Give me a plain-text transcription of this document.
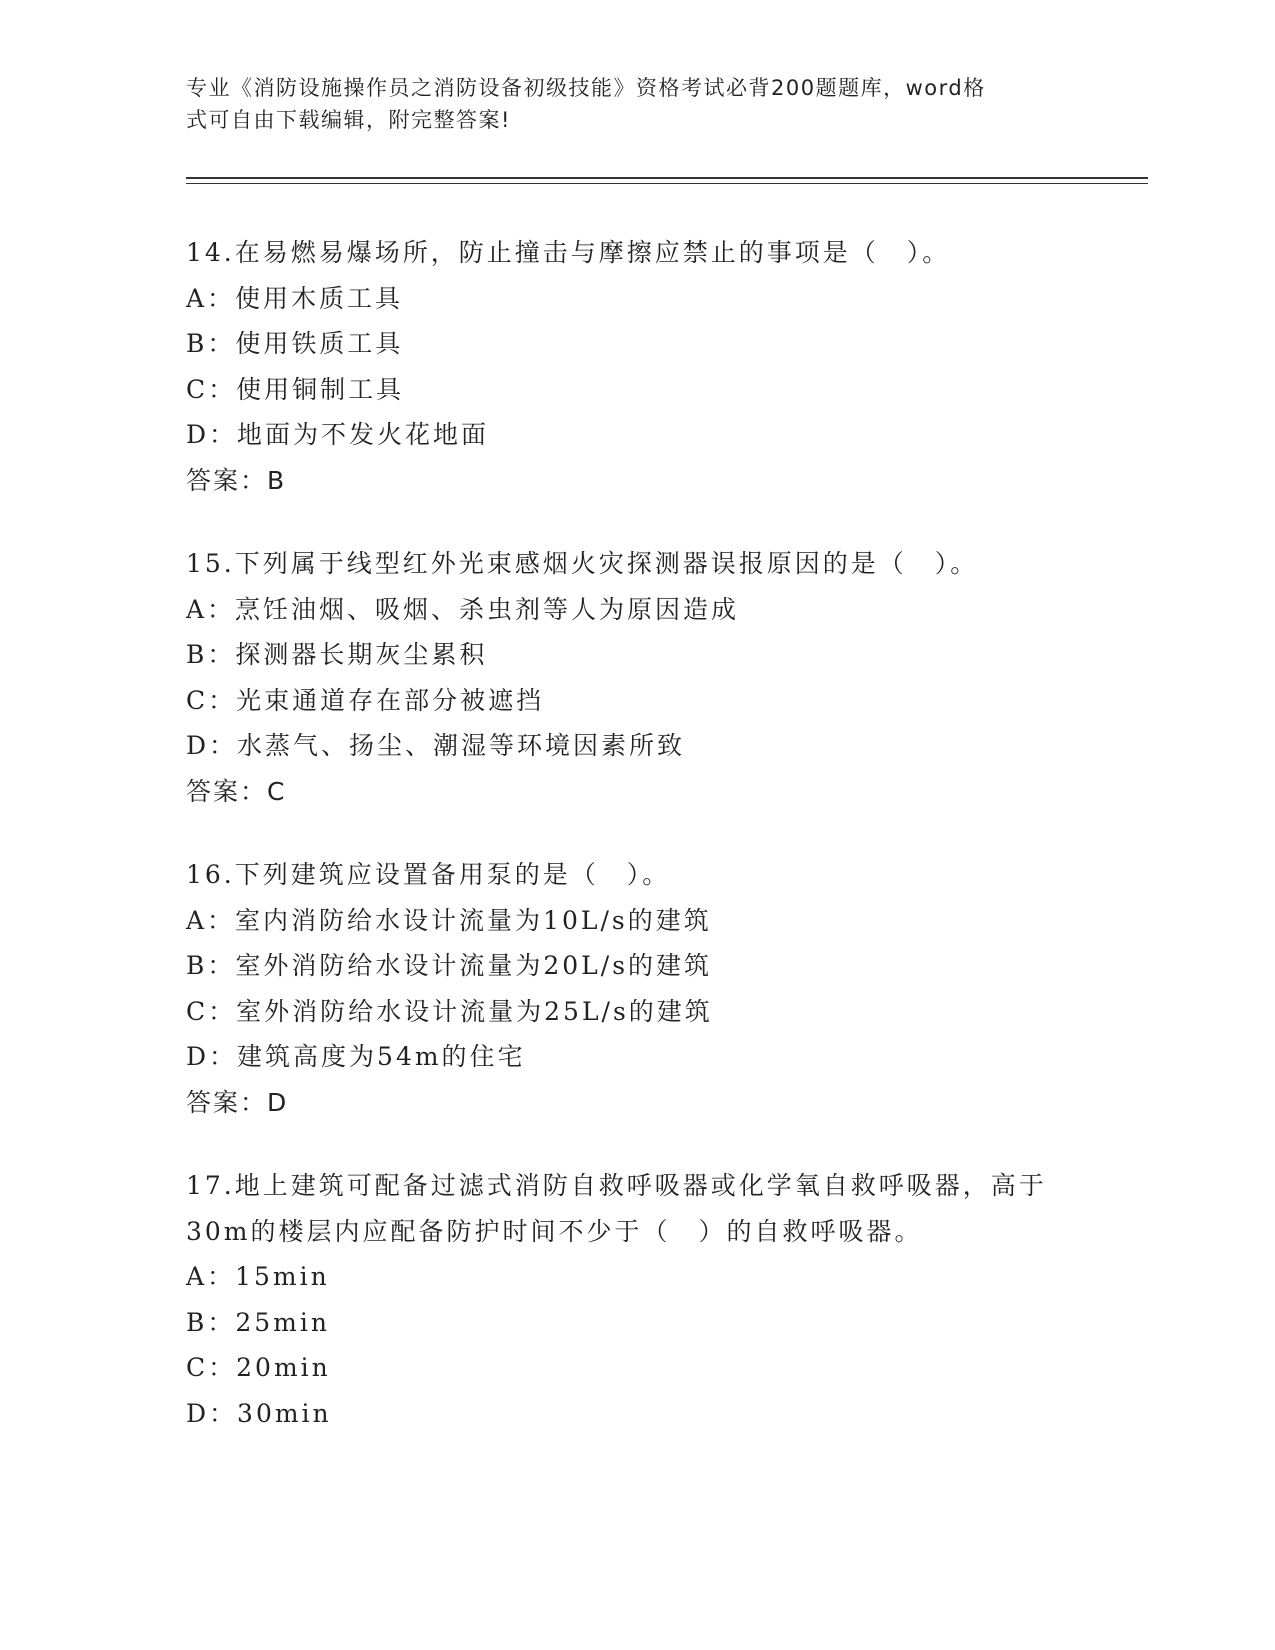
专业《消防设施操作员之消防设备初级技能》资格考试必背200题题库，word格
式可自由下载编辑，附完整答案!
14.在易燃易爆场所，防止撞击与摩擦应禁止的事项是（　）。
A：使用木质工具
B：使用铁质工具
C：使用铜制工具
D：地面为不发火花地面
答案：B
15.下列属于线型红外光束感烟火灾探测器误报原因的是（　）。
A：烹饪油烟、吸烟、杀虫剂等人为原因造成
B：探测器长期灰尘累积
C：光束通道存在部分被遮挡
D：水蒸气、扬尘、潮湿等环境因素所致
答案：C
16.下列建筑应设置备用泵的是（　）。
A：室内消防给水设计流量为10L/s的建筑
B：室外消防给水设计流量为20L/s的建筑
C：室外消防给水设计流量为25L/s的建筑
D：建筑高度为54m的住宅
答案：D
17.地上建筑可配备过滤式消防自救呼吸器或化学氧自救呼吸器，高于
30m的楼层内应配备防护时间不少于（　）的自救呼吸器。
A：15min
B：25min
C：20min
D：30min
